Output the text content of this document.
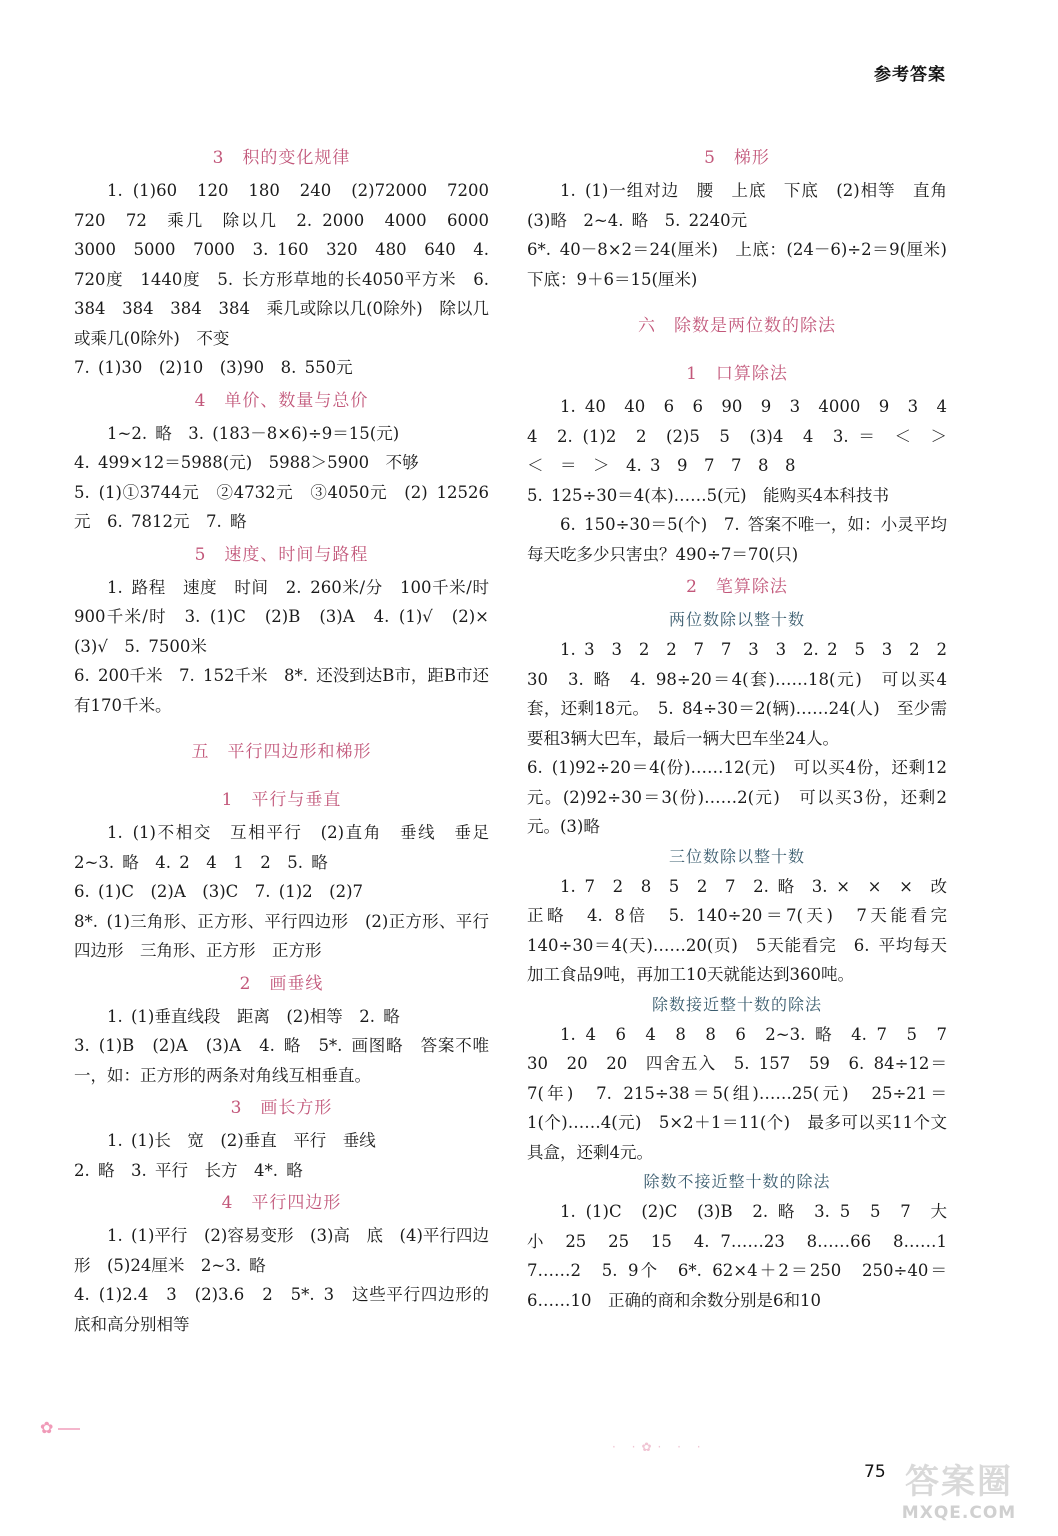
参考答案
3　积的变化规律

1. (1)60　120　180　240　(2)72000　7200　720　72　乘几　除以几　2. 2000　4000　6000　3000　5000　7000　3. 160　320　480　640　4. 720度　1440度　5. 长方形草地的长4050平方米　6. 384　384　384　384　乘几或除以几(0除外)　除以几或乘几(0除外)　不变

7. (1)30　(2)10　(3)90　8. 550元

4　单价、数量与总价

1~2. 略　3. (183－8×6)÷9＝15(元)

4. 499×12＝5988(元)　5988＞5900　不够

5. (1)①3744元　②4732元　③4050元　(2) 12526元　6. 7812元　7. 略

5　速度、时间与路程

1. 路程　速度　时间　2. 260米/分　100千米/时　900千米/时　3. (1)C　(2)B　(3)A　4. (1)√　(2)×　(3)√　5. 7500米

6. 200千米　7. 152千米　8*. 还没到达B市，距B市还有170千米。

五　平行四边形和梯形
1　平行与垂直

1. (1)不相交　互相平行　(2)直角　垂线　垂足　2~3. 略　4. 2　4　1　2　5. 略

6. (1)C　(2)A　(3)C　7. (1)2　(2)7

8*. (1)三角形、正方形、平行四边形　(2)正方形、平行四边形　三角形、正方形　正方形

2　画垂线

1. (1)垂直线段　距离　(2)相等　2. 略

3. (1)B　(2)A　(3)A　4. 略　5*. 画图略　答案不唯一，如：正方形的两条对角线互相垂直。

3　画长方形

1. (1)长　宽　(2)垂直　平行　垂线

2. 略　3. 平行　长方　4*. 略

4　平行四边形

1. (1)平行　(2)容易变形　(3)高　底　(4)平行四边形　(5)24厘米　2~3. 略

4. (1)2.4　3　(2)3.6　2　5*. 3　这些平行四边形的底和高分别相等

5　梯形

1. (1)一组对边　腰　上底　下底　(2)相等　直角　(3)略　2~4. 略　5. 2240元

6*. 40－8×2＝24(厘米)　上底：(24－6)÷2＝9(厘米)　下底：9＋6＝15(厘米)

六　除数是两位数的除法
1　口算除法

1. 40　40　6　6　90　9　3　4000　9　3　4　4　2. (1)2　2　(2)5　5　(3)4　4　3. ＝　＜　＞　＜　＝　＞　4. 3　9　7　7　8　8

5. 125÷30＝4(本)……5(元)　能购买4本科技书

6. 150÷30＝5(个)　7. 答案不唯一，如：小灵平均每天吃多少只害虫？490÷7＝70(只)

2　笔算除法
两位数除以整十数

1. 3　3　2　2　7　7　3　3　2. 2　5　3　2　2　30　3. 略　4. 98÷20＝4(套)……18(元)　可以买4套，还剩18元。　5. 84÷30＝2(辆)……24(人)　至少需要租3辆大巴车，最后一辆大巴车坐24人。

6. (1)92÷20＝4(份)……12(元)　可以买4份，还剩12元。(2)92÷30＝3(份)……2(元)　可以买3份，还剩2元。(3)略

三位数除以整十数

1. 7　2　8　5　2　7　2. 略　3. ×　×　×　改正略　4. 8倍　5. 140÷20＝7(天)　7天能看完　140÷30＝4(天)……20(页)　5天能看完　6. 平均每天加工食品9吨，再加工10天就能达到360吨。

除数接近整十数的除法

1. 4　6　4　8　8　6　2~3. 略　4. 7　5　7　30　20　20　四舍五入　5. 157　59　6. 84÷12＝7(年)　7. 215÷38＝5(组)……25(元)　25÷21＝1(个)……4(元)　5×2＋1＝11(个)　最多可以买11个文具盒，还剩4元。

除数不接近整十数的除法

1. (1)C　(2)C　(3)B　2. 略　3. 5　5　7　大　小　25　25　15　4. 7……23　8……66　8……1　7……2　5. 9个　6*. 62×4＋2＝250　250÷40＝6……10　正确的商和余数分别是6和10

✿
· ·✿· · ·
75 答案圈
MXQE.COM
